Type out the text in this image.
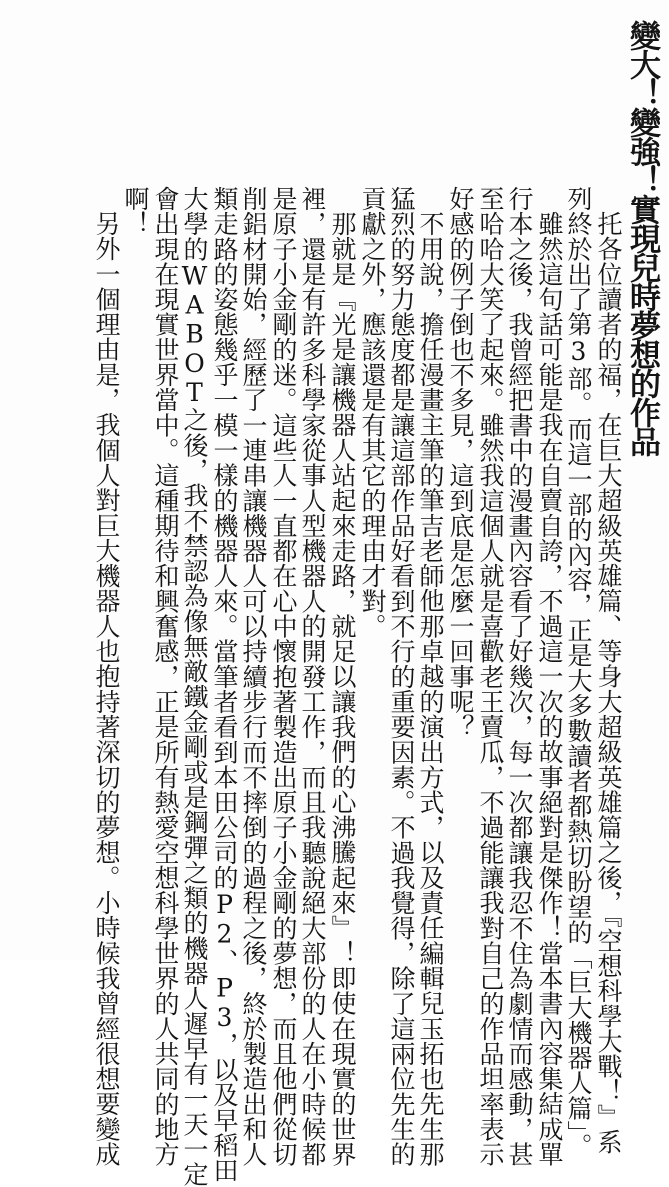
變大！變強！實現兒時夢想的作品
托各位讀者的福，在巨大超級英雄篇、等身大超級英雄篇之後，『空想科學大戰！』系
列終於出了第3部。而這一部的內容，正是大多數讀者都熱切盼望的「巨大機器人篇」。
雖然這句話可能是我在自賣自誇，不過這一次的故事絕對是傑作！當本書內容集結成單
行本之後，我曾經把書中的漫畫內容看了好幾次，每一次都讓我忍不住為劇情而感動，甚
至哈哈大笑了起來。雖然我這個人就是喜歡老王賣瓜，不過能讓我對自己的作品坦率表示
好感的例子倒也不多見，這到底是怎麼一回事呢？
不用說，擔任漫畫主筆的筆吉老師他那卓越的演出方式，以及責任編輯兒玉拓也先生那
猛烈的努力態度都是讓這部作品好看到不行的重要因素。不過我覺得，除了這兩位先生的
貢獻之外，應該還是有其它的理由才對。
那就是『光是讓機器人站起來走路，就足以讓我們的心沸騰起來』！即使在現實的世界
裡，還是有許多科學家從事人型機器人的開發工作，而且我聽說絕大部份的人在小時候都
是原子小金剛的迷。這些人一直都在心中懷抱著製造出原子小金剛的夢想，而且他們從切
削鋁材開始，經歷了一連串讓機器人可以持續步行而不摔倒的過程之後，終於製造出和人
類走路的姿態幾乎一模一樣的機器人來。當筆者看到本田公司的P2、P3，以及早稻田
大學的WABOT之後，我不禁認為像無敵鐵金剛或是鋼彈之類的機器人遲早有一天一定
會出現在現實世界當中。這種期待和興奮感，正是所有熱愛空想科學世界的人共同的地方
啊！
另外一個理由是，我個人對巨大機器人也抱持著深切的夢想。小時候我曾經很想要變成
